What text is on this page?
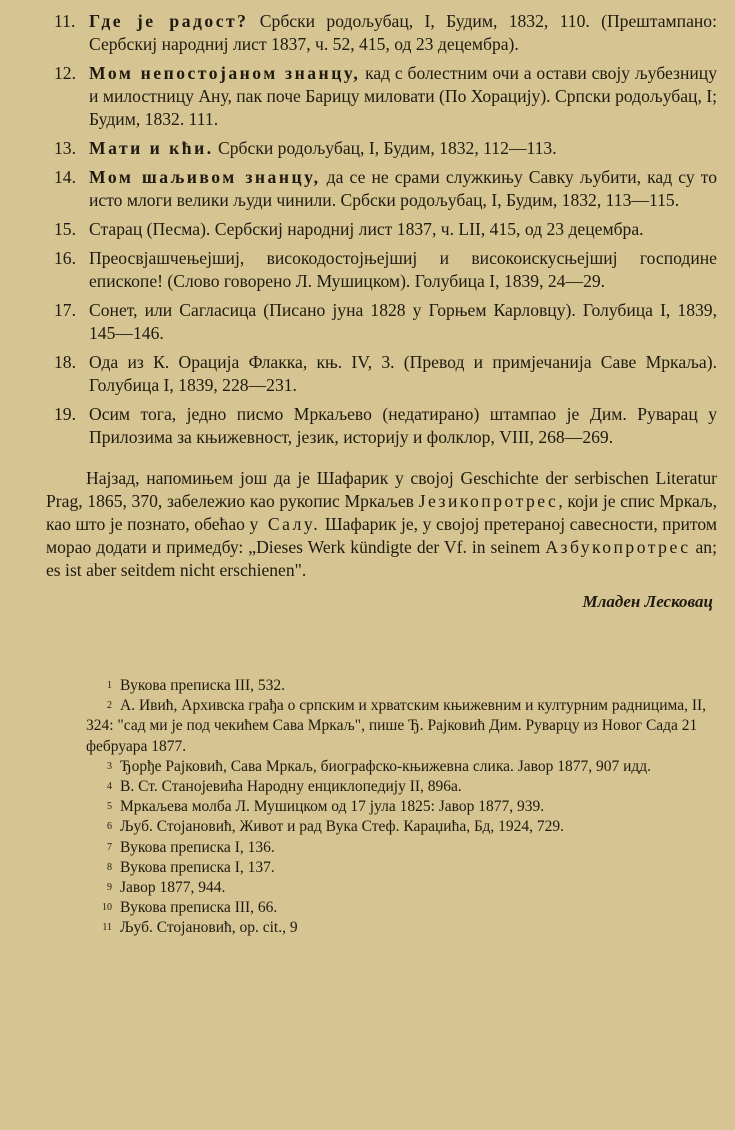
11. Где је радост? Србски родољубац, I, Будим, 1832, 110. (Прештампано: Сербскиј народниј лист 1837, ч. 52, 415, од 23 децембра).
12. Мом непостојаном знанцу, кад с болестним очи а остави своју љубезницу и милостницу Ану, пак поче Барицу миловати (По Хорацију). Српски родољубац, I; Будим, 1832. 111.
13. Мати и кћи. Србски родољубац, I, Будим, 1832, 112—113.
14. Мом шаљивом знанцу, да се не срами служкињу Савку љубити, кад су то исто млоги велики људи чинили. Србски родољубац, I, Будим, 1832, 113—115.
15. Старац (Песма). Сербскиј народниј лист 1837, ч. LII, 415, од 23 децембра.
16. Преосвјашчењејшиј, високодостојњејшиј и високоискусњејшиј господине епископе! (Слово говорено Л. Мушицком). Голубица I, 1839, 24—29.
17. Сонет, или Сагласица (Писано јуна 1828 у Горњем Карловцу). Голубица I, 1839, 145—146.
18. Ода из К. Орација Флакка, књ. IV, 3. (Превод и примјечанија Саве Мркаља). Голубица I, 1839, 228—231.
19. Осим тога, једно писмо Мркаљево (недатирано) штампао је Дим. Руварац у Прилозима за књижевност, језик, историју и фолклор, VIII, 268—269.

Најзад, напомињем још да је Шафарик у својој Geschichte der serbischen Literatur Prag, 1865, 370, забележио као рукопис Мркаљев Језикопротрес, који је спис Мркаљ, као што је познато, обећао у Салу. Шафарик је, у својој претераној савесности, притом морао додати и примедбу: „Dieses Werk kündigte der Vf. in seinem Азбукопротрес an; es ist aber seitdem nicht erschienen".

Младен Лесковац
1 Вукова преписка III, 532.
2 А. Ивић, Архивска грађа о српским и хрватским књижевним и културним радницима, II, 324: "сад ми је под чекићем Сава Мркаљ", пише Ђ. Рајковић Дим. Руварцу из Новог Сада 21 фебруара 1877.
3 Ђорђе Рајковић, Сава Мркаљ, биографско-књижевна слика. Јавор 1877, 907 идд.
4 В. Ст. Станојевића Народну енциклопедију II, 896а.
5 Мркаљева молба Л. Мушицком од 17 јула 1825: Јавор 1877, 939.
6 Љуб. Стојановић, Живот и рад Вука Стеф. Караџића, Бд, 1924, 729.
7 Вукова преписка I, 136.
8 Вукова преписка I, 137.
9 Јавор 1877, 944.
10 Вукова преписка III, 66.
11 Љуб. Стојановић, op. cit., 9
